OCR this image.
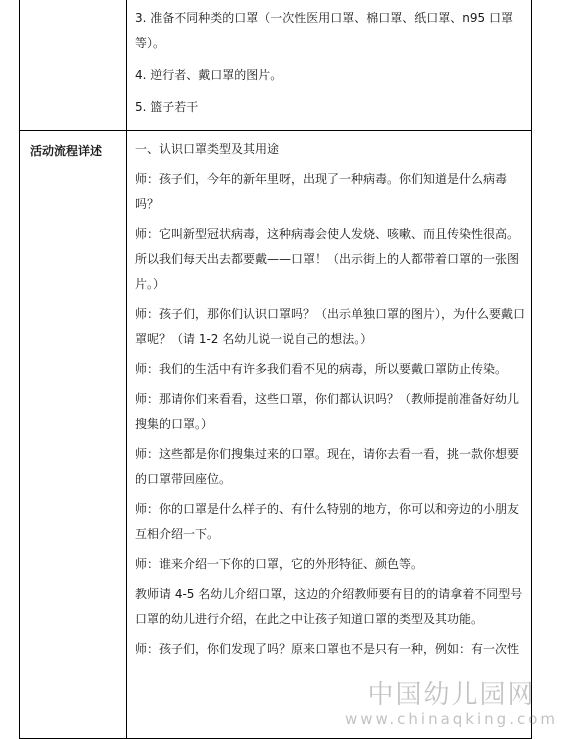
活动流程详述

3. 准备不同种类的口罩（一次性医用口罩、棉口罩、纸口罩、n95 口罩等）。

4. 逆行者、戴口罩的图片。

5. 篮子若干

一、认识口罩类型及其用途

师：孩子们，今年的新年里呀，出现了一种病毒。你们知道是什么病毒吗？

师：它叫新型冠状病毒，这种病毒会使人发烧、咳嗽、而且传染性很高。所以我们每天出去都要戴——口罩！（出示街上的人都带着口罩的一张图片。）

师：孩子们，那你们认识口罩吗？（出示单独口罩的图片），为什么要戴口罩呢？（请 1-2 名幼儿说一说自己的想法。）

师：我们的生活中有许多我们看不见的病毒，所以要戴口罩防止传染。

师：那请你们来看看，这些口罩，你们都认识吗？（教师提前准备好幼儿搜集的口罩。）

师：这些都是你们搜集过来的口罩。现在，请你去看一看，挑一款你想要的口罩带回座位。

师：你的口罩是什么样子的、有什么特别的地方，你可以和旁边的小朋友互相介绍一下。

师：谁来介绍一下你的口罩，它的外形特征、颜色等。

教师请 4-5 名幼儿介绍口罩，这边的介绍教师要有目的的请拿着不同型号口罩的幼儿进行介绍，在此之中让孩子知道口罩的类型及其功能。

师：孩子们，你们发现了吗？原来口罩也不是只有一种，例如：有一次性

中国幼儿园网
www.chinaqking.com
